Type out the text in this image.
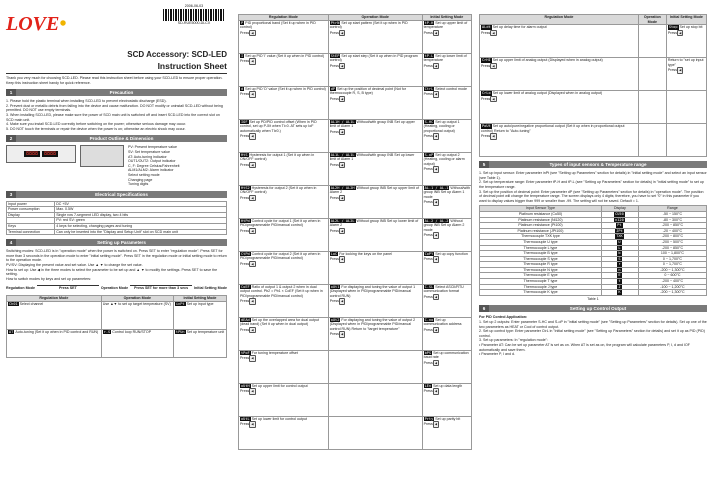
LOVE •
2006-06-03
SD-RUE5000-DLCX
SCD Accessory: SCD-LED
Instruction Sheet

Thank you very much for choosing SCD-LED. Please read this instruction sheet before using your SCD-LED to ensure proper operation. Keep this instruction sheet handy for quick reference.

1	Precaution
1. Please hold the plastic terminal when installing SCD-LED to prevent electrostatic discharge (ESD).
2. Prevent dust or metallic debris from falling into the device and cause malfunction. DO NOT modify or uninstall SCD-LED without being permitted. DO NOT use empty terminals.
3. When installing SCD-LED, please make sure the power of SCD main unit is switched off and insert SCD-LED into the correct slot on SCD main unit.
4. Make sure you install SCD-LED correctly before switching on the power; otherwise serious damage may occur.
5. DO NOT touch the terminals or repair the device when the power is on; otherwise an electric shock may occur.
2	Product Outline & Dimension
8888	8888
PV: Present temperature value
SV: Set temperature value
AT: Auto-tuning indicator
OUT1/OUT2: Output indicator
C, F: Degree Celsius/Fahrenheit
ALM1/ALM2: Alarm indicator
Select setting mode
Changing page
Tuning digits
3	Electrical Specifications
Input power	DC +5V
Power consumption	Max. 0.5W
Display	Single row 7-segment LED display, two 4 bits
	PV: red SV: green
Keys	4 keys for selecting, changing pages and tuning
Terminal connection	Can only be inserted into the "Display and Setup Unit" slot on SCD main unit
4	Setting up Parameters

Switching modes: SCD-LED is in "operation mode" when the power is switched on. Press SET to enter "regulation mode". Press SET for more than 3 seconds in the operation mode to enter "initial setting mode". Press SET in the regulation mode or initial setting mode to return to the operation mode.

PV/SV: Displaying the present value and set value. Use ▲ ▼ to change the set value.

How to set up: Use ◀ in the three modes to select the parameter to be set up and ▲ ▼ to modify the settings. Press SET to save the setting.

How to switch modes by keys and set up parameters:

Regulation Mode	Press SET	Operation Mode	Press SET for more than 3 secs	Initial Setting Mode
Regulation Mode	Operation Mode	Initial Setting Mode
Ch01 Select channel	Use ▲▼ to set up target temperature (SV)	inPt Set up input type
AT Auto-tuning (Set it up when in PID control and RUN)	r-S Control loop RUN/STOP	tPUn Set up temperature unit
Regulation Mode	Operation Mode	Initial Setting Mode
P PID proportional band (Set it up when in PID control)
Press ◀	PtrN Set up start pattern (Set it up when in PID control)
Press ◀	tP-H Set up upper limit of temperature
Press ◀

I Set up PID 'I' value (Set it up when in PID control)
Press ◀	StEP Set up start step (Set it up when in PID program control)
Press ◀	tP-L Set up lower limit of temperature
Press ◀

d Set up PID 'D' value (Set it up when in PID control)
Press ◀	dP Set up the position of decimal point (Not for thermocouple R, S, B type)
Press ◀	CtrL Select control mode
Press ◀

IOF Set up PD/PID control offset (When in PID control, set up P-δ/t when Ti=0. AT sets up IoF automatically when TI≠0.)
Press ◀	AL1H / AL1L Without/with group INB Set up upper limit of Alarm 1
Press ◀	S-HC Set up output 1 (Heating, cooling or proportional output)
Press ◀

HtS Hysteresis for output 1 (Set it up when in ON/OFF control)
Press ◀	AL1L / AL1L Without/with group INB Set up lower limit of Alarm 1
Press ◀	S-oP Set up output 2 (Heating, cooling or alarm output)
Press ◀

HtS2 Hysteresis for output 2 (Set it up when in ON/OFF control)
Press ◀	AL2H / AL2H Without group INB Set up upper limit of Alarm 2
Press ◀	AL-1 / AL-1 Without/with group INB Set up Alarm 1 mode
Press ◀

HtPd Control cycle for output 1 (Set it up when in PID/programmable PID/manual control)
Press ◀	AL2L / AL2L Without group INB Set up lower limit of Alarm 2
Press ◀	AL-2 / AL-2 Without group INB Set up Alarm 2 mode
Press ◀

CtPd Control cycle for output 2 (Set it up when in PID/programmable PID/manual control)
Press ◀	LoC For locking the keys on the panel
Press ◀	CoPY Set up copy function
Press ◀

CoEF Ratio of output 1 & output 2 when in dual output control. Pb2 = Pb1 × CoEF (Set it up when in PID/programmable PID/manual control)
Press ◀	oUt1 For displaying and tuning the value of output 1 (Displayed when in PID/programmable PID/manual control RUN)
Press ◀	C-SL Select ASCII/RTU communication format
Press ◀

dEAd Set up the overlapped area for dual output (dead band) (Set it up when in dual output)
Press ◀	oUt2 For displaying and tuning the value of output 2 (Displayed when in PID/programmable PID/manual control RUN) Return to "target temperature"
Press ◀	C-no Set up communication address
Press ◀

tPoF For tuning temperature offset
Press ◀		bPS Set up communication baud rate
Press ◀

oUtH Set up upper limit for control output
Press ◀		LEn Set up data length
Press ◀

oUtL Set up lower limit for control output
Press ◀		Prty Set up parity bit
Press ◀
Regulation Mode	Operation Mode	Initial Setting Mode
ALdt Set up delay time for alarm output
Press ◀		Stop Set up stop bit
Press ◀

CrHI Set up upper limit of analog output (Displayed when in analog output)
Press ◀		Return to "set up input type"
Press ◀

CrLo Set up lower limit of analog output (Displayed when in analog output)
Press ◀		

PoUt Set up auto/pure/negative proportional output (Set it up when in proportional output control) Return to "Auto-tuning"
Press ◀		

5	Types of input sensors & Temperature range
1. Set up input sensor: Enter parameter inPt (see "Setting up Parameters" section for details) in "initial setting mode" and select an input sensor (see Table 1).
2. Set up temperature range: Enter parameter tP-H and tP-L (see "Setting up Parameters" section for details) in "initial setting mode" to set up the temperature range.
3. Set up the position of decimal point: Enter parameter dP (see "Setting up Parameters" section for details) in "operation mode". The position of decimal point will change the temperature range. The screen displays only 4 digits; therefore, you have to set "0" in this parameter if you want to display values bigger than 999 or smaller than -99. The setting will not be saved. Default = 1.
Input Sensor Type	Display	Range
Platinum resistance (Cu50)	CU50	-50 ~ 150°C
Platinum resistance (Ni120)	n120	-80 ~ 300°C
Platinum resistance (Pt100)	Pt	-200 ~ 850°C
Platinum resistance (JPt100)	JPt	-20 ~ 400°C
Thermocouple TXK type	TXK	-200 ~ 800°C
Thermocouple U type	U	-200 ~ 500°C
Thermocouple L type	L	-200 ~ 850°C
Thermocouple B type	b	100 ~ 1,800°C
Thermocouple S type	S	0 ~ 1,700°C
Thermocouple R type	r	0 ~ 1,700°C
Thermocouple N type	n	-200 ~ 1,300°C
Thermocouple E type	E	0 ~ 600°C
Thermocouple T type	t	-200 ~ 400°C
Thermocouple J type	J	-100 ~ 1,200°C
Thermocouple K type	K	-200 ~ 1,300°C
Table 1
6	Setting up Control Output

For PID Control Application:

1. Set up 2 outputs: Enter parameter S-HC and S-oP in "initial setting mode" (see "Setting up Parameters" section for details). Set up one of the two parameters as HEAT or Cool of control output.
2. Set up control type: Enter parameter CtrL in "initial setting mode" (see "Setting up Parameters" section for details) and set it up as PID (PID) control.
3. Set up parameters: In "regulation mode":
• Parameter AT: Can be set up parameter AT is set as on. When AT is set as on, the program will calculate parameters P, I, d and IOF automatically and save them.
• Parameter P, I and d.
